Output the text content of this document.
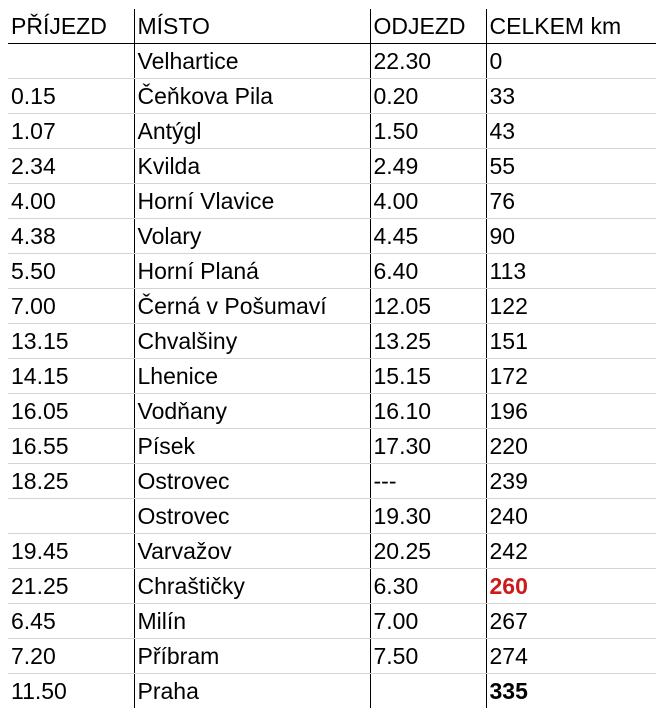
PŘÍJEZD	MÍSTO	ODJEZD	CELKEM km
	Velhartice	22.30	0
0.15	Čeňkova Pila	0.20	33
1.07	Antýgl	1.50	43
2.34	Kvilda	2.49	55
4.00	Horní Vlavice	4.00	76
4.38	Volary	4.45	90
5.50	Horní Planá	6.40	113
7.00	Černá v Pošumaví	12.05	122
13.15	Chvalšiny	13.25	151
14.15	Lhenice	15.15	172
16.05	Vodňany	16.10	196
16.55	Písek	17.30	220
18.25	Ostrovec	---	239
	Ostrovec	19.30	240
19.45	Varvažov	20.25	242
21.25	Chraštičky	6.30	260
6.45	Milín	7.00	267
7.20	Příbram	7.50	274
11.50	Praha		335
